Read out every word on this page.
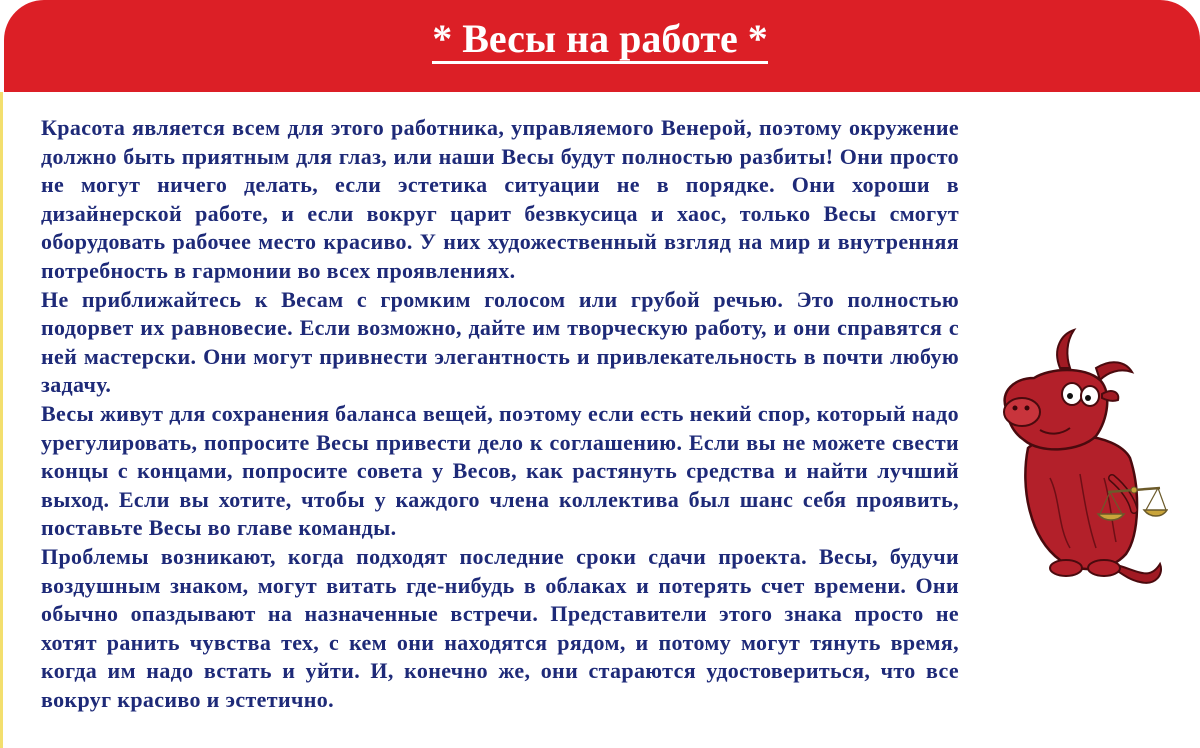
* Весы на работе *

Красота является всем для этого работника, управляемого Венерой, поэтому окружение должно быть приятным для глаз, или наши Весы будут полностью разбиты! Они просто не могут ничего делать, если эстетика ситуации не в порядке. Они хороши в дизайнерской работе, и если вокруг царит безвкусица и хаос, только Весы смогут оборудовать рабочее место красиво. У них художественный взгляд на мир и внутренняя потребность в гармонии во всех проявлениях.

Не приближайтесь к Весам с громким голосом или грубой речью. Это полностью подорвет их равновесие. Если возможно, дайте им творческую работу, и они справятся с ней мастерски. Они могут привнести элегантность и привлекательность в почти любую задачу.

Весы живут для сохранения баланса вещей, поэтому если есть некий спор, который надо урегулировать, попросите Весы привести дело к соглашению. Если вы не можете свести концы с концами, попросите совета у Весов, как растянуть средства и найти лучший выход. Если вы хотите, чтобы у каждого члена коллектива был шанс себя проявить, поставьте Весы во главе команды.

Проблемы возникают, когда подходят последние сроки сдачи проекта. Весы, будучи воздушным знаком, могут витать где-нибудь в облаках и потерять счет времени. Они обычно опаздывают на назначенные встречи. Представители этого знака просто не хотят ранить чувства тех, с кем они находятся рядом, и потому могут тянуть время, когда им надо встать и уйти. И, конечно же, они стараются удостовериться, что все вокруг красиво и эстетично.
